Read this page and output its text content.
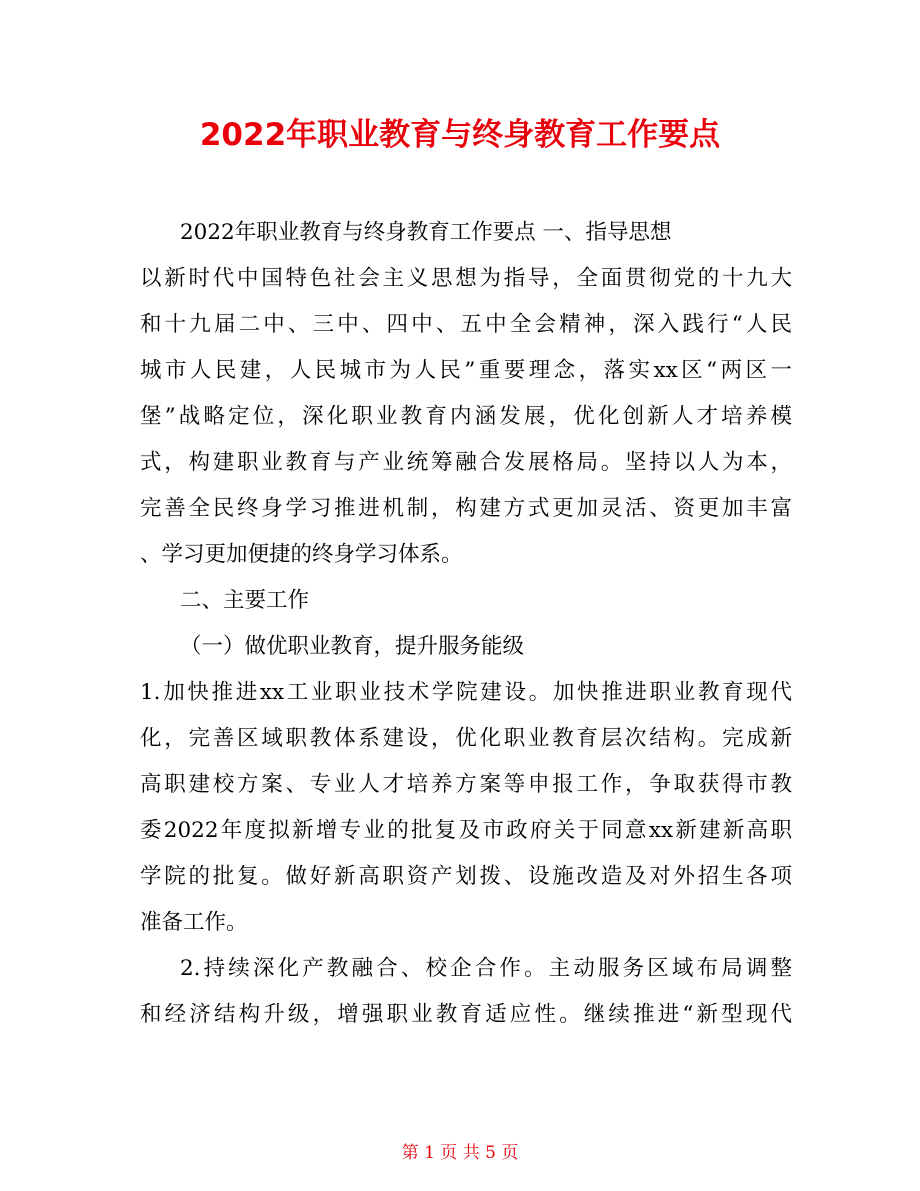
2022年职业教育与终身教育工作要点
2022年职业教育与终身教育工作要点 一、指导思想
以新时代中国特色社会主义思想为指导，全面贯彻党的十九大
和十九届二中、三中、四中、五中全会精神，深入践行“人民
城市人民建，人民城市为人民”重要理念，落实xx区“两区一
堡”战略定位，深化职业教育内涵发展，优化创新人才培养模
式，构建职业教育与产业统筹融合发展格局。坚持以人为本，
完善全民终身学习推进机制，构建方式更加灵活、资更加丰富
、学习更加便捷的终身学习体系。
二、主要工作
（一）做优职业教育，提升服务能级
1.加快推进xx工业职业技术学院建设。加快推进职业教育现代
化，完善区域职教体系建设，优化职业教育层次结构。完成新
高职建校方案、专业人才培养方案等申报工作，争取获得市教
委2022年度拟新增专业的批复及市政府关于同意xx新建新高职
学院的批复。做好新高职资产划拨、设施改造及对外招生各项
准备工作。
2.持续深化产教融合、校企合作。主动服务区域布局调整
和经济结构升级，增强职业教育适应性。继续推进“新型现代
第 1 页 共 5 页
